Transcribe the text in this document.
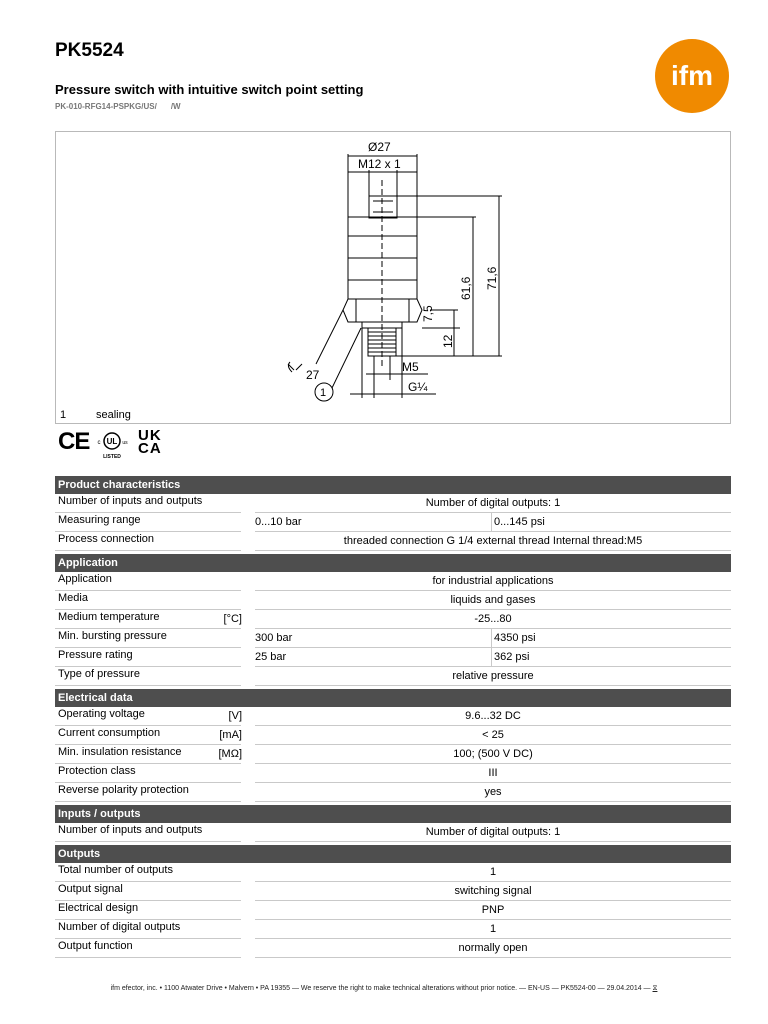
PK5524
Pressure switch with intuitive switch point setting
PK-010-RFG14-PSPKG/US/ /W
ifm
Ø27
M12 x 1
7,5
12
61,6 71,6
27
M5
G¼
1
1	sealing
CE UL
c	us
LISTED
UK
CA
Product characteristics
Number of inputs and outputs	Number of digital outputs: 1
Measuring range	0...10 bar	0...145 psi
Process connection	threaded connection G 1/4 external thread Internal thread:M5
Application
Application	for industrial applications
Media	liquids and gases
Medium temperature	[°C]	-25...80
Min. bursting pressure	300 bar	4350 psi
Pressure rating	25 bar	362 psi
Type of pressure	relative pressure
Electrical data
Operating voltage	[V]	9.6...32 DC
Current consumption	[mA]	< 25
Min. insulation resistance	[MΩ]	100; (500 V DC)
Protection class	III
Reverse polarity protection	yes
Inputs / outputs
Number of inputs and outputs	Number of digital outputs: 1
Outputs
Total number of outputs	1
Output signal	switching signal
Electrical design	PNP
Number of digital outputs	1
Output function	normally open
ifm efector, inc. • 1100 Atwater Drive • Malvern • PA 19355 — We reserve the right to make technical alterations without prior notice. — EN-US — PK5524-00 — 29.04.2014 — ⧖
